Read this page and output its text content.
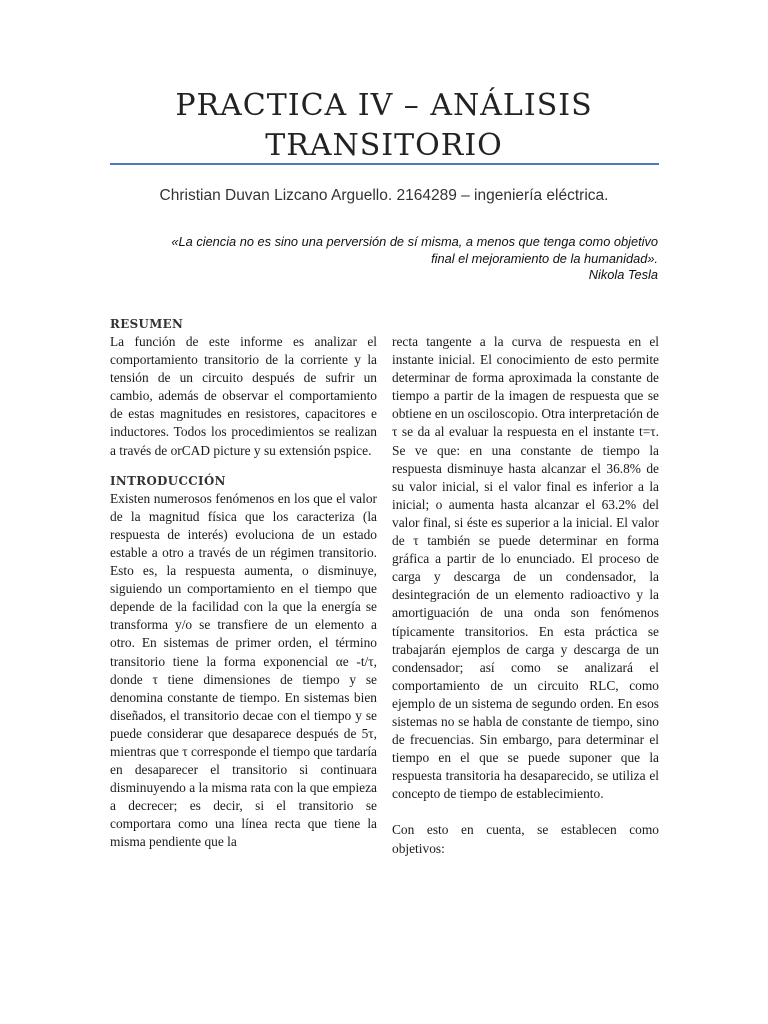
PRACTICA IV – ANÁLISIS
TRANSITORIO
Christian Duvan Lizcano Arguello. 2164289 – ingeniería eléctrica.
«La ciencia no es sino una perversión de sí misma, a menos que tenga como objetivo
final el mejoramiento de la humanidad».
Nikola Tesla
RESUMEN

La función de este informe es analizar el comportamiento transitorio de la corriente y la tensión de un circuito después de sufrir un cambio, además de observar el comportamiento de estas magnitudes en resistores, capacitores e inductores. Todos los procedimientos se realizan a través de orCAD picture y su extensión pspice.

INTRODUCCIÓN

Existen numerosos fenómenos en los que el valor de la magnitud física que los caracteriza (la respuesta de interés) evoluciona de un estado estable a otro a través de un régimen transitorio. Esto es, la respuesta aumenta, o disminuye, siguiendo un comportamiento en el tiempo que depende de la facilidad con la que la energía se transforma y/o se transfiere de un elemento a otro. En sistemas de primer orden, el término transitorio tiene la forma exponencial αe -t/τ, donde τ tiene dimensiones de tiempo y se denomina constante de tiempo. En sistemas bien diseñados, el transitorio decae con el tiempo y se puede considerar que desaparece después de 5τ, mientras que τ corresponde el tiempo que tardaría en desaparecer el transitorio si continuara disminuyendo a la misma rata con la que empieza a decrecer; es decir, si el transitorio se comportara como una línea recta que tiene la misma pendiente que la

recta tangente a la curva de respuesta en el instante inicial. El conocimiento de esto permite determinar de forma aproximada la constante de tiempo a partir de la imagen de respuesta que se obtiene en un osciloscopio. Otra interpretación de τ se da al evaluar la respuesta en el instante t=τ. Se ve que: en una constante de tiempo la respuesta disminuye hasta alcanzar el 36.8% de su valor inicial, si el valor final es inferior a la inicial; o aumenta hasta alcanzar el 63.2% del valor final, si éste es superior a la inicial. El valor de τ también se puede determinar en forma gráfica a partir de lo enunciado. El proceso de carga y descarga de un condensador, la desintegración de un elemento radioactivo y la amortiguación de una onda son fenómenos típicamente transitorios. En esta práctica se trabajarán ejemplos de carga y descarga de un condensador; así como se analizará el comportamiento de un circuito RLC, como ejemplo de un sistema de segundo orden. En esos sistemas no se habla de constante de tiempo, sino de frecuencias. Sin embargo, para determinar el tiempo en el que se puede suponer que la respuesta transitoria ha desaparecido, se utiliza el concepto de tiempo de establecimiento.

Con esto en cuenta, se establecen como objetivos:
